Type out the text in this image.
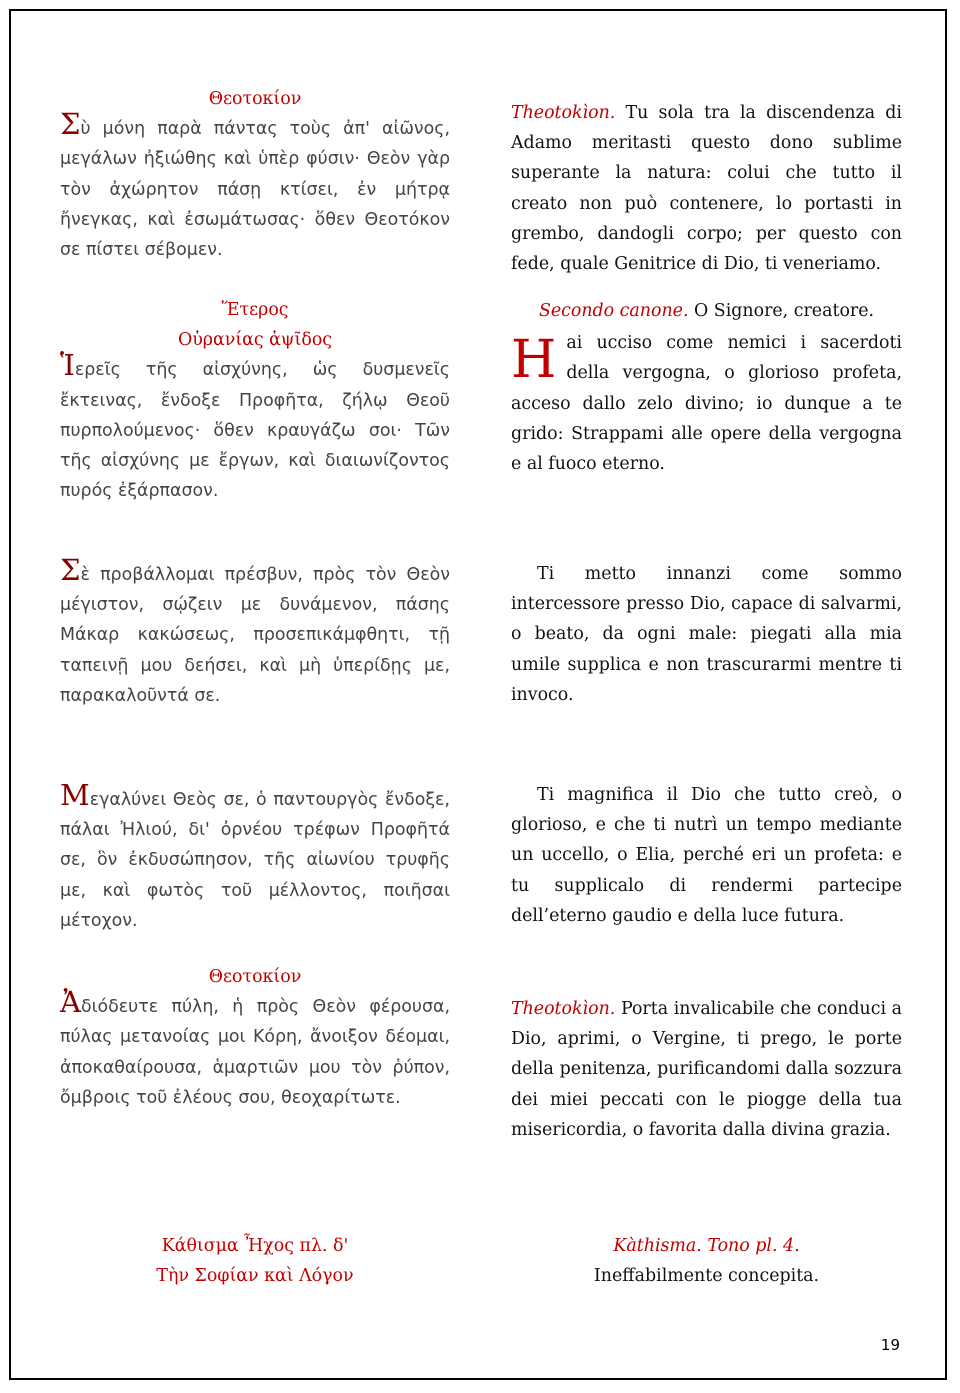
Θεοτοκίον

Σὺ μόνη παρὰ πάντας τοὺς ἀπ' αἰῶνος, μεγάλων ἠξιώθης καὶ ὑπὲρ φύσιν· Θεὸν γὰρ τὸν ἀχώρητον πάσῃ κτίσει, ἐν μήτρᾳ ἤνεγκας, καὶ ἐσωμάτωσας· ὅθεν Θεοτόκον σε πίστει σέβομεν.

Theotokìon. Tu sola tra la discendenza di Adamo meritasti questo dono sublime superante la natura: colui che tutto il creato non può contenere, lo portasti in grembo, dandogli corpo; per questo con fede, quale Genitrice di Dio, ti veneriamo.

Ἕτερος

Οὐρανίας ἁψῖδος

Ἱερεῖς τῆς αἰσχύνης, ὡς δυσμενεῖς ἔκτεινας, ἔνδοξε Προφῆτα, ζήλῳ Θεοῦ πυρπολούμενος· ὅθεν κραυγάζω σοι· Τῶν τῆς αἰσχύνης με ἔργων, καὶ διαιωνίζοντος πυρός ἐξάρπασον.

Secondo canone. O Signore, creatore.

Hai ucciso come nemici i sacerdoti della vergogna, o glorioso profeta, acceso dallo zelo divino; io dunque a te grido: Strappami alle opere della vergogna e al fuoco eterno.

Σὲ προβάλλομαι πρέσβυν, πρὸς τὸν Θεὸν μέγιστον, σῴζειν με δυνάμενον, πάσης Μάκαρ κακώσεως, προσεπικάμφθητι, τῇ ταπεινῇ μου δεήσει, καὶ μὴ ὑπερίδῃς με, παρακαλοῦντά σε.

Ti metto innanzi come sommo intercessore presso Dio, capace di salvarmi, o beato, da ogni male: piegati alla mia umile supplica e non trascurarmi mentre ti invoco.

Μεγαλύνει Θεὸς σε, ὁ παντουργὸς ἔνδοξε, πάλαι Ἠλιού, δι' ὀρνέου τρέφων Προφῆτά σε, ὃν ἐκδυσώπησον, τῆς αἰωνίου τρυφῆς με, καὶ φωτὸς τοῦ μέλλοντος, ποιῆσαι μέτοχον.

Ti magnifica il Dio che tutto creò, o glorioso, e che ti nutrì un tempo mediante un uccello, o Elia, perché eri un profeta: e tu supplicalo di rendermi partecipe dell’eterno gaudio e della luce futura.

Θεοτοκίον

Ἀδιόδευτε πύλη, ἡ πρὸς Θεὸν φέρουσα, πύλας μετανοίας μοι Κόρη, ἄνοιξον δέομαι, ἀποκαθαίρουσα, ἁμαρτιῶν μου τὸν ῥύπον, ὄμβροις τοῦ ἐλέους σου, θεοχαρίτωτε.

Theotokìon. Porta invalicabile che conduci a Dio, aprimi, o Vergine, ti prego, le porte della penitenza, purificandomi dalla sozzura dei miei peccati con le piogge della tua misericordia, o favorita dalla divina grazia.

Κάθισμα Ἦχος πλ. δ'

Τὴν Σοφίαν καὶ Λόγον

Kàthisma. Tono pl. 4.

Ineffabilmente concepita.

19
